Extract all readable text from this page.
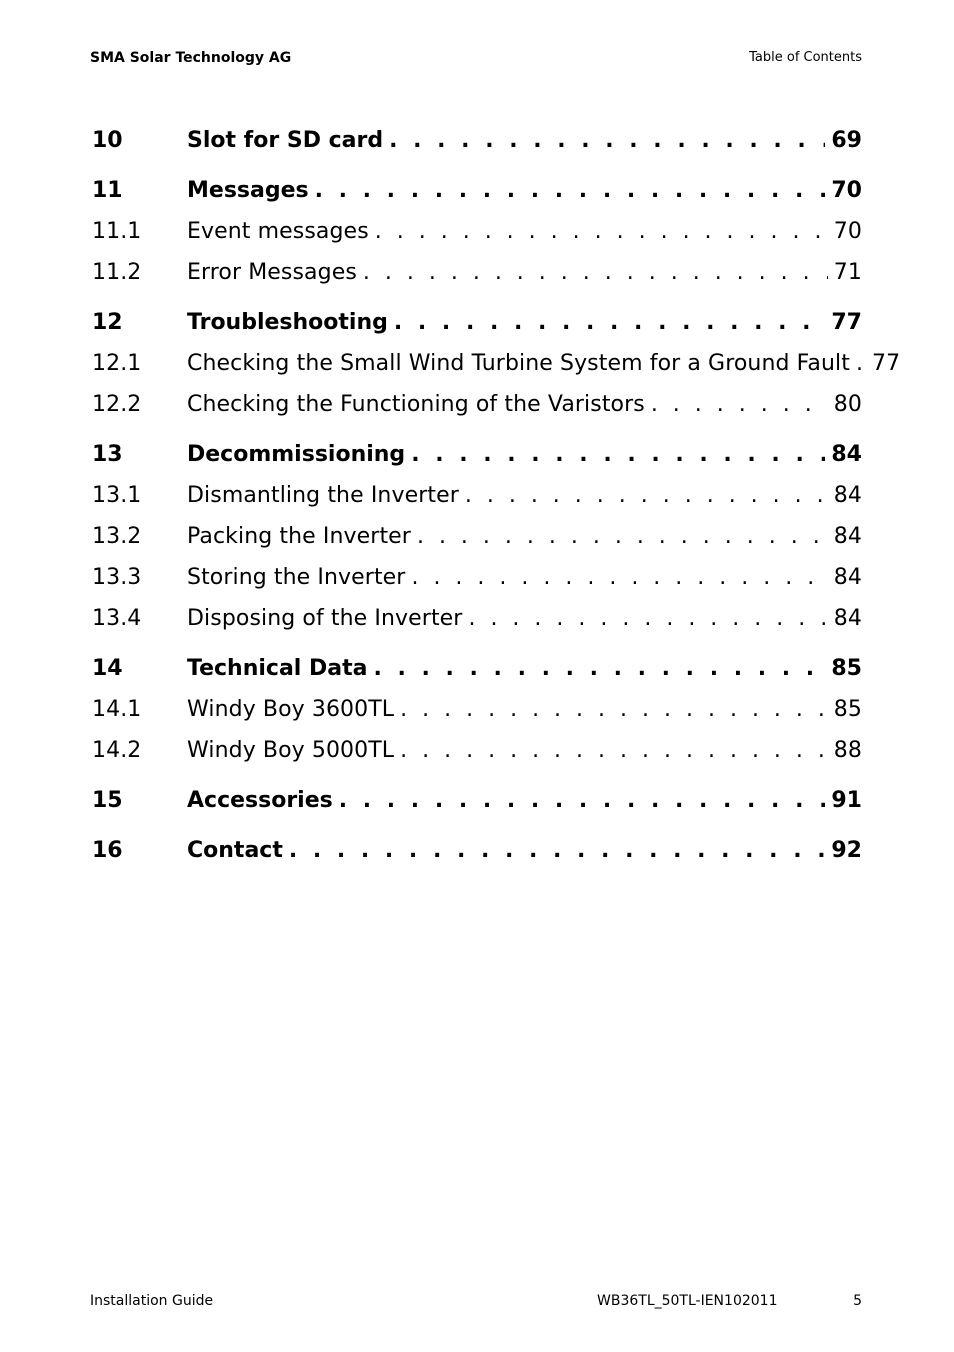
SMA Solar Technology AG	Table of Contents
10	Slot for SD card . . .	69
11	Messages . . .	70
11.1	Event messages . . .	70
11.2	Error Messages . . .	71
12	Troubleshooting . . .	77
12.1	Checking the Small Wind Turbine System for a Ground Fault . . . 77
12.2	Checking the Functioning of the Varistors . . .	80
13	Decommissioning . . .	84
13.1	Dismantling the Inverter . . .	84
13.2	Packing the Inverter . . .	84
13.3	Storing the Inverter . . .	84
13.4	Disposing of the Inverter . . .	84
14	Technical Data . . .	85
14.1	Windy Boy 3600TL . . .	85
14.2	Windy Boy 5000TL . . .	88
15	Accessories . . .	91
16	Contact . . .	92
Installation Guide	WB36TL_50TL-IEN102011	5
